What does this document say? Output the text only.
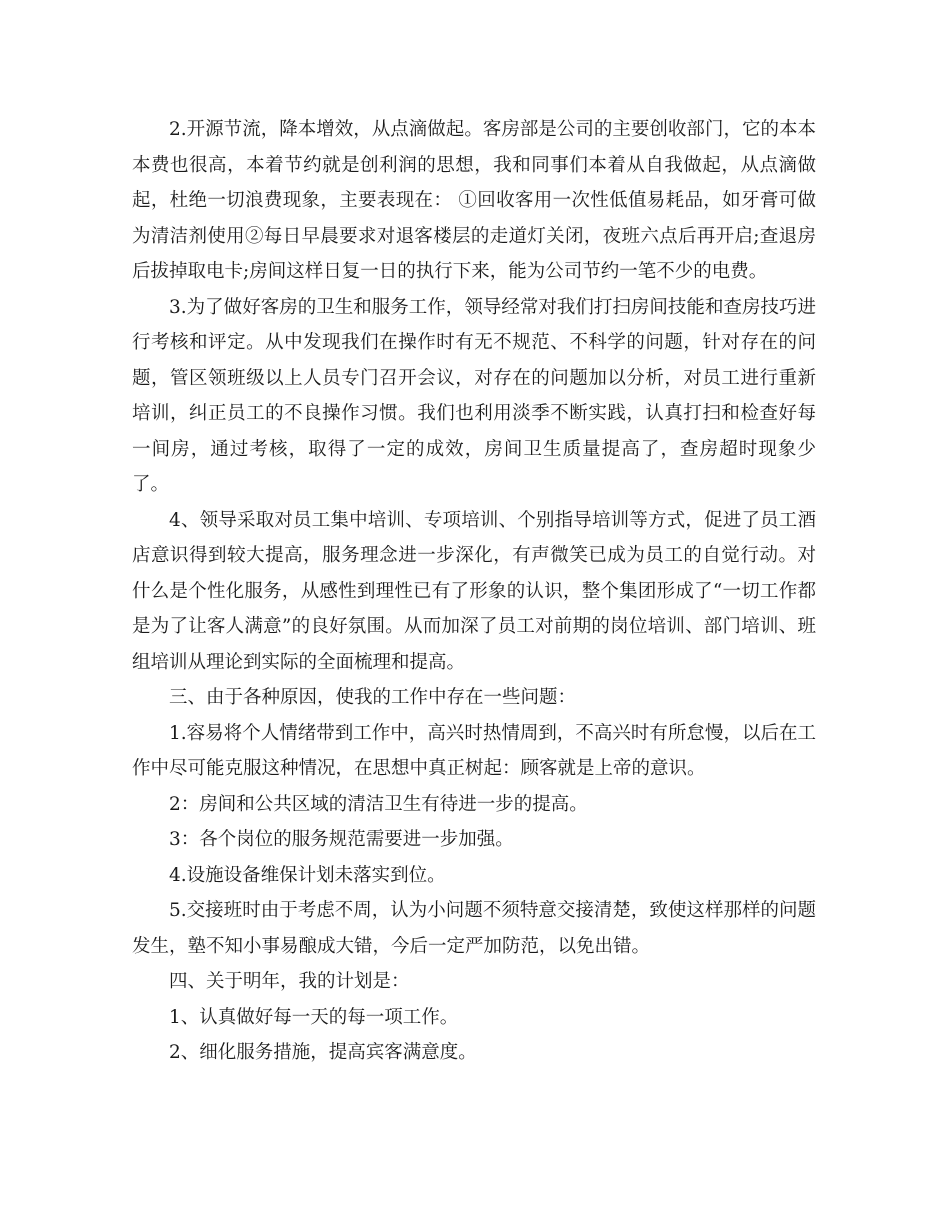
2.开源节流，降本增效，从点滴做起。客房部是公司的主要创收部门，它的本本本费也很高，本着节约就是创利润的思想，我和同事们本着从自我做起，从点滴做起，杜绝一切浪费现象，主要表现在： ①回收客用一次性低值易耗品，如牙膏可做为清洁剂使用②每日早晨要求对退客楼层的走道灯关闭，夜班六点后再开启;查退房后拔掉取电卡;房间这样日复一日的执行下来，能为公司节约一笔不少的电费。

3.为了做好客房的卫生和服务工作，领导经常对我们打扫房间技能和查房技巧进行考核和评定。从中发现我们在操作时有无不规范、不科学的问题，针对存在的问题，管区领班级以上人员专门召开会议，对存在的问题加以分析，对员工进行重新培训，纠正员工的不良操作习惯。我们也利用淡季不断实践，认真打扫和检查好每一间房，通过考核，取得了一定的成效，房间卫生质量提高了，查房超时现象少了。

4、领导采取对员工集中培训、专项培训、个别指导培训等方式，促进了员工酒店意识得到较大提高，服务理念进一步深化，有声微笑已成为员工的自觉行动。对什么是个性化服务，从感性到理性已有了形象的认识，整个集团形成了“一切工作都是为了让客人满意”的良好氛围。从而加深了员工对前期的岗位培训、部门培训、班组培训从理论到实际的全面梳理和提高。

三、由于各种原因，使我的工作中存在一些问题：

1.容易将个人情绪带到工作中，高兴时热情周到，不高兴时有所怠慢，以后在工作中尽可能克服这种情况，在思想中真正树起：顾客就是上帝的意识。

2：房间和公共区域的清洁卫生有待进一步的提高。

3：各个岗位的服务规范需要进一步加强。

4.设施设备维保计划未落实到位。

5.交接班时由于考虑不周，认为小问题不须特意交接清楚，致使这样那样的问题发生，塾不知小事易酿成大错，今后一定严加防范，以免出错。

四、关于明年，我的计划是：

1、认真做好每一天的每一项工作。

2、细化服务措施，提高宾客满意度。
